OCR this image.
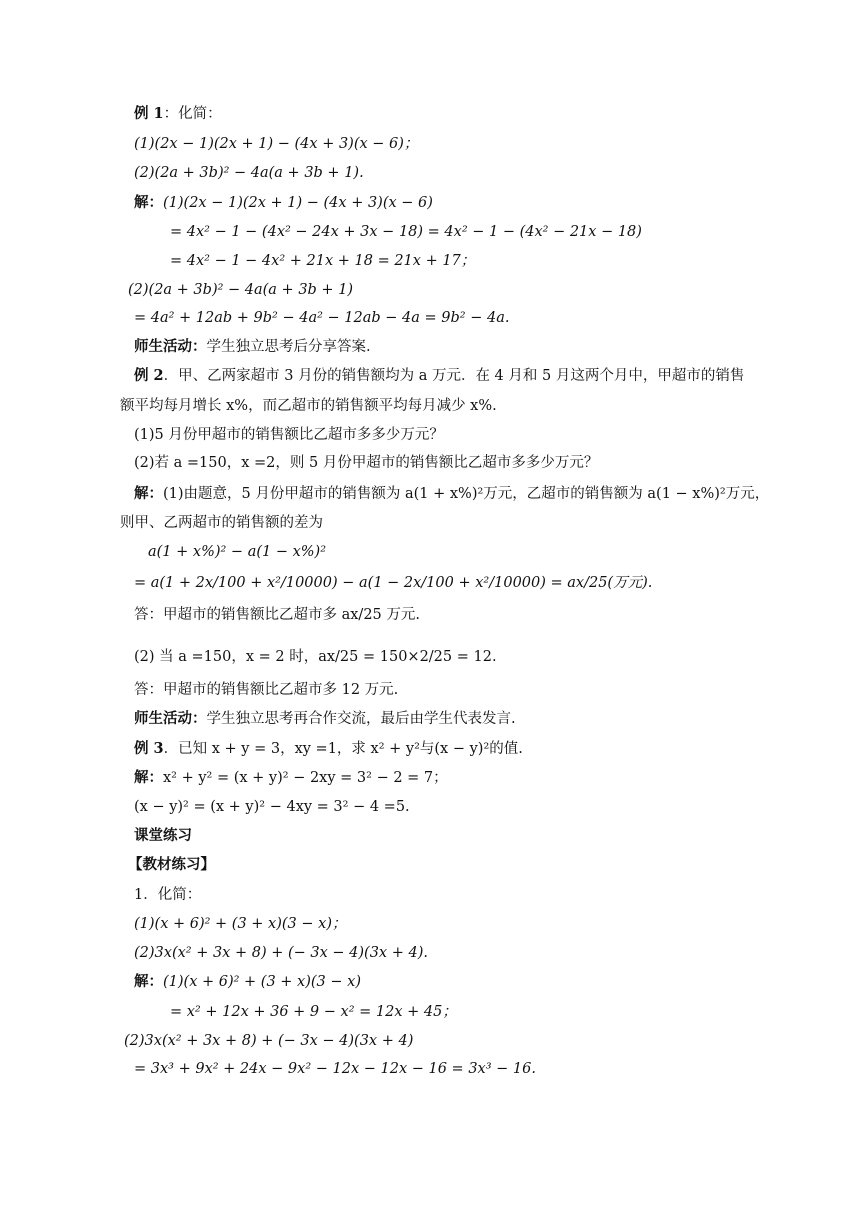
例 1：化简：
(1)(2x − 1)(2x + 1) − (4x + 3)(x − 6)；
(2)(2a + 3b)² − 4a(a + 3b + 1).
解：(1)(2x − 1)(2x + 1) − (4x + 3)(x − 6)
= 4x² − 1 − (4x² − 24x + 3x − 18) = 4x² − 1 − (4x² − 21x − 18)
= 4x² − 1 − 4x² + 21x + 18 = 21x + 17；
(2)(2a + 3b)² − 4a(a + 3b + 1)
= 4a² + 12ab + 9b² − 4a² − 12ab − 4a = 9b² − 4a.
师生活动：学生独立思考后分享答案.
例 2．甲、乙两家超市 3 月份的销售额均为 a 万元．在 4 月和 5 月这两个月中，甲超市的销售
额平均每月增长 x%，而乙超市的销售额平均每月减少 x%.
(1)5 月份甲超市的销售额比乙超市多多少万元？
(2)若 a =150，x =2，则 5 月份甲超市的销售额比乙超市多多少万元？
解：(1)由题意，5 月份甲超市的销售额为 a(1 + x%)²万元，乙超市的销售额为 a(1 − x%)²万元，
则甲、乙两超市的销售额的差为
a(1 + x%)² − a(1 − x%)²
= a(1 + 2x/100 + x²/10000) − a(1 − 2x/100 + x²/10000) = ax/25(万元).
答：甲超市的销售额比乙超市多 ax/25 万元.
(2) 当 a =150，x = 2 时，ax/25 = 150×2/25 = 12.
答：甲超市的销售额比乙超市多 12 万元.
师生活动：学生独立思考再合作交流，最后由学生代表发言.
例 3．已知 x + y = 3，xy =1，求 x² + y²与(x − y)²的值.
解：x² + y² = (x + y)² − 2xy = 3² − 2 = 7；
(x − y)² = (x + y)² − 4xy = 3² − 4 =5.
课堂练习
【教材练习】
1．化简：
(1)(x + 6)² + (3 + x)(3 − x)；
(2)3x(x² + 3x + 8) + (− 3x − 4)(3x + 4).
解：(1)(x + 6)² + (3 + x)(3 − x)
= x² + 12x + 36 + 9 − x² = 12x + 45；
(2)3x(x² + 3x + 8) + (− 3x − 4)(3x + 4)
= 3x³ + 9x² + 24x − 9x² − 12x − 12x − 16 = 3x³ − 16.
